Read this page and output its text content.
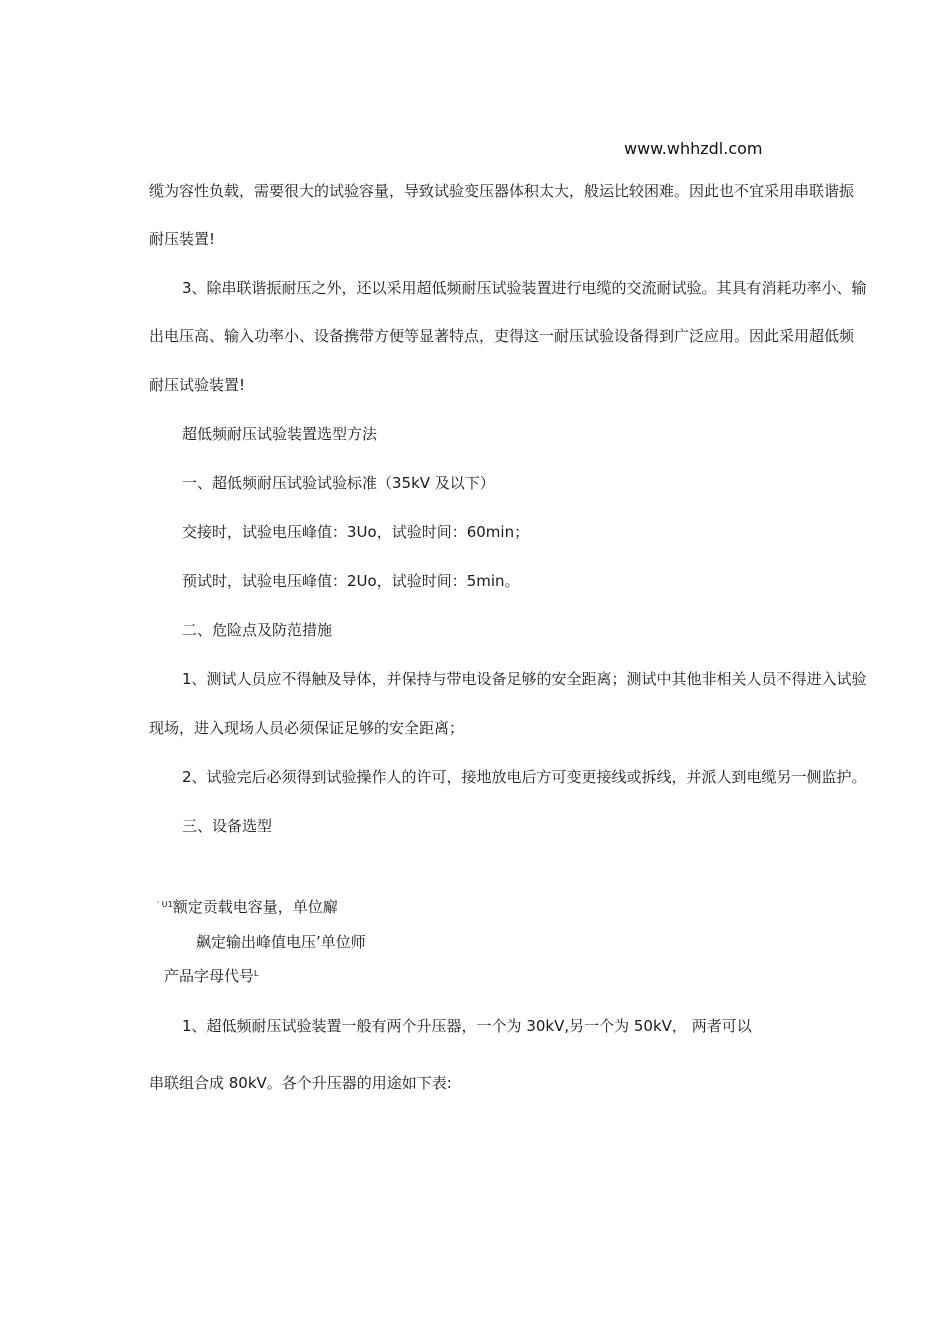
www.whhzdl.com
缆为容性负载，需要很大的试验容量，导致试验变压器体积太大，般运比较困难。因此也不宜采用串联谐振
耐压装置!
3、除串联谐振耐压之外，还以采用超低频耐压试验装置进行电缆的交流耐试验。其具有消耗功率小、输
出电压高、输入功率小、设备携带方便等显著特点，吏得这一耐压试验设备得到广泛应用。因此采用超低频
耐压试验装置!
超低频耐压试验装置选型方法
一、超低频耐压试验试验标准（35kV 及以下）
交接时，试验电压峰值：3Uo，试验时间：60min；
预试时，试验电压峰值：2Uo，试验时间：5min。
二、危险点及防范措施
1、测试人员应不得触及导体，并保持与带电设备足够的安全距离；测试中其他非相关人员不得进入试验
现场，进入现场人员必须保证足够的安全距离；
2、试验完后必须得到试验操作人的许可，接地放电后方可变更接线或拆线，并派人到电缆另一侧监护。
三、设备选型
' $^{U1}$额定贡载电容量，单位廨
飙定输出峰值电压’单位师
产品字母代号$^L$
1、超低频耐压试验装置一般有两个升压器，一个为 30kV,另一个为 50kV， 两者可以
串联组合成 80kV。各个升压器的用途如下表:
